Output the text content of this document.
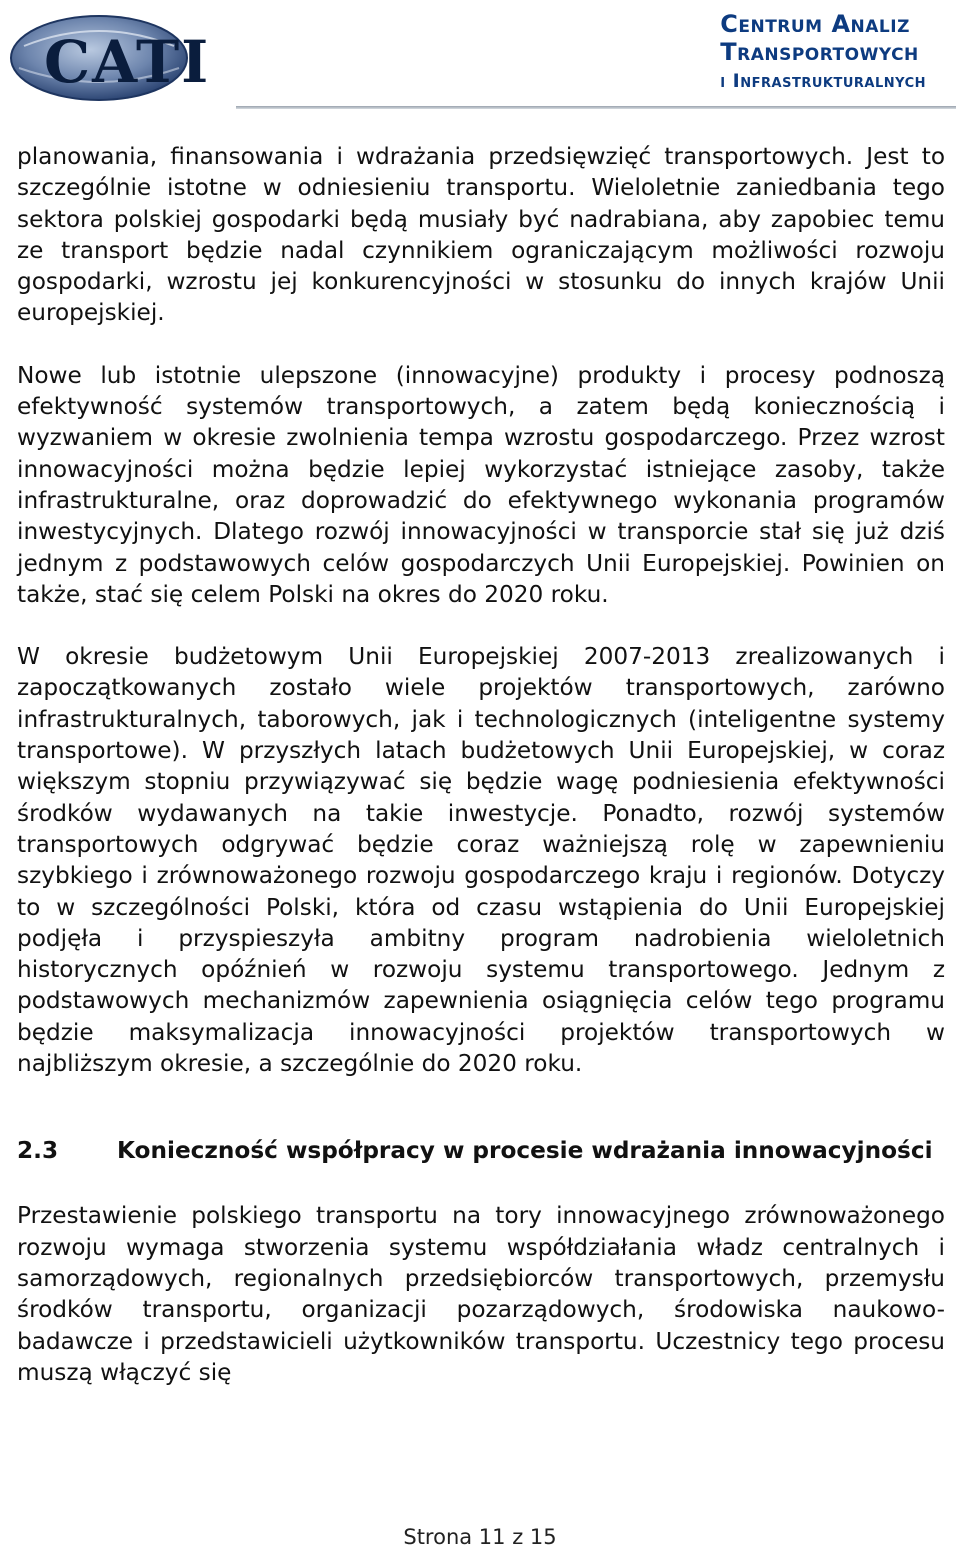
CATI
Centrum Analiz
Transportowych
i Infrastrukturalnych

planowania, finansowania i wdrażania przedsięwzięć transportowych. Jest to szczególnie istotne w odniesieniu transportu. Wieloletnie zaniedbania tego sektora polskiej gospodarki będą musiały być nadrabiana, aby zapobiec temu ze transport będzie nadal czynnikiem ograniczającym możliwości rozwoju gospodarki, wzrostu jej konkurencyjności w stosunku do innych krajów Unii europejskiej.

Nowe lub istotnie ulepszone (innowacyjne) produkty i procesy podnoszą efektywność systemów transportowych, a zatem będą koniecznością i wyzwaniem w okresie zwolnienia tempa wzrostu gospodarczego. Przez wzrost innowacyjności można będzie lepiej wykorzystać istniejące zasoby, także infrastrukturalne, oraz doprowadzić do efektywnego wykonania programów inwestycyjnych. Dlatego rozwój innowacyjności w transporcie stał się już dziś jednym z podstawowych celów gospodarczych Unii Europejskiej. Powinien on także, stać się celem Polski na okres do 2020 roku.

W okresie budżetowym Unii Europejskiej 2007-2013 zrealizowanych i zapoczątkowanych zostało wiele projektów transportowych, zarówno infrastrukturalnych, taborowych, jak i technologicznych (inteligentne systemy transportowe). W przyszłych latach budżetowych Unii Europejskiej, w coraz większym stopniu przywiązywać się będzie wagę podniesienia efektywności środków wydawanych na takie inwestycje. Ponadto, rozwój systemów transportowych odgrywać będzie coraz ważniejszą rolę w zapewnieniu szybkiego i zrównoważonego rozwoju gospodarczego kraju i regionów. Dotyczy to w szczególności Polski, która od czasu wstąpienia do Unii Europejskiej podjęła i przyspieszyła ambitny program nadrobienia wieloletnich historycznych opóźnień w rozwoju systemu transportowego. Jednym z podstawowych mechanizmów zapewnienia osiągnięcia celów tego programu będzie maksymalizacja innowacyjności projektów transportowych w najbliższym okresie, a szczególnie do 2020 roku.

2.3	Konieczność współpracy w procesie wdrażania innowacyjności

Przestawienie polskiego transportu na tory innowacyjnego zrównoważonego rozwoju wymaga stworzenia systemu współdziałania władz centralnych i samorządowych, regionalnych przedsiębiorców transportowych, przemysłu środków transportu, organizacji pozarządowych, środowiska naukowo-badawcze i przedstawicieli użytkowników transportu. Uczestnicy tego procesu muszą włączyć się

Strona 11 z 15
